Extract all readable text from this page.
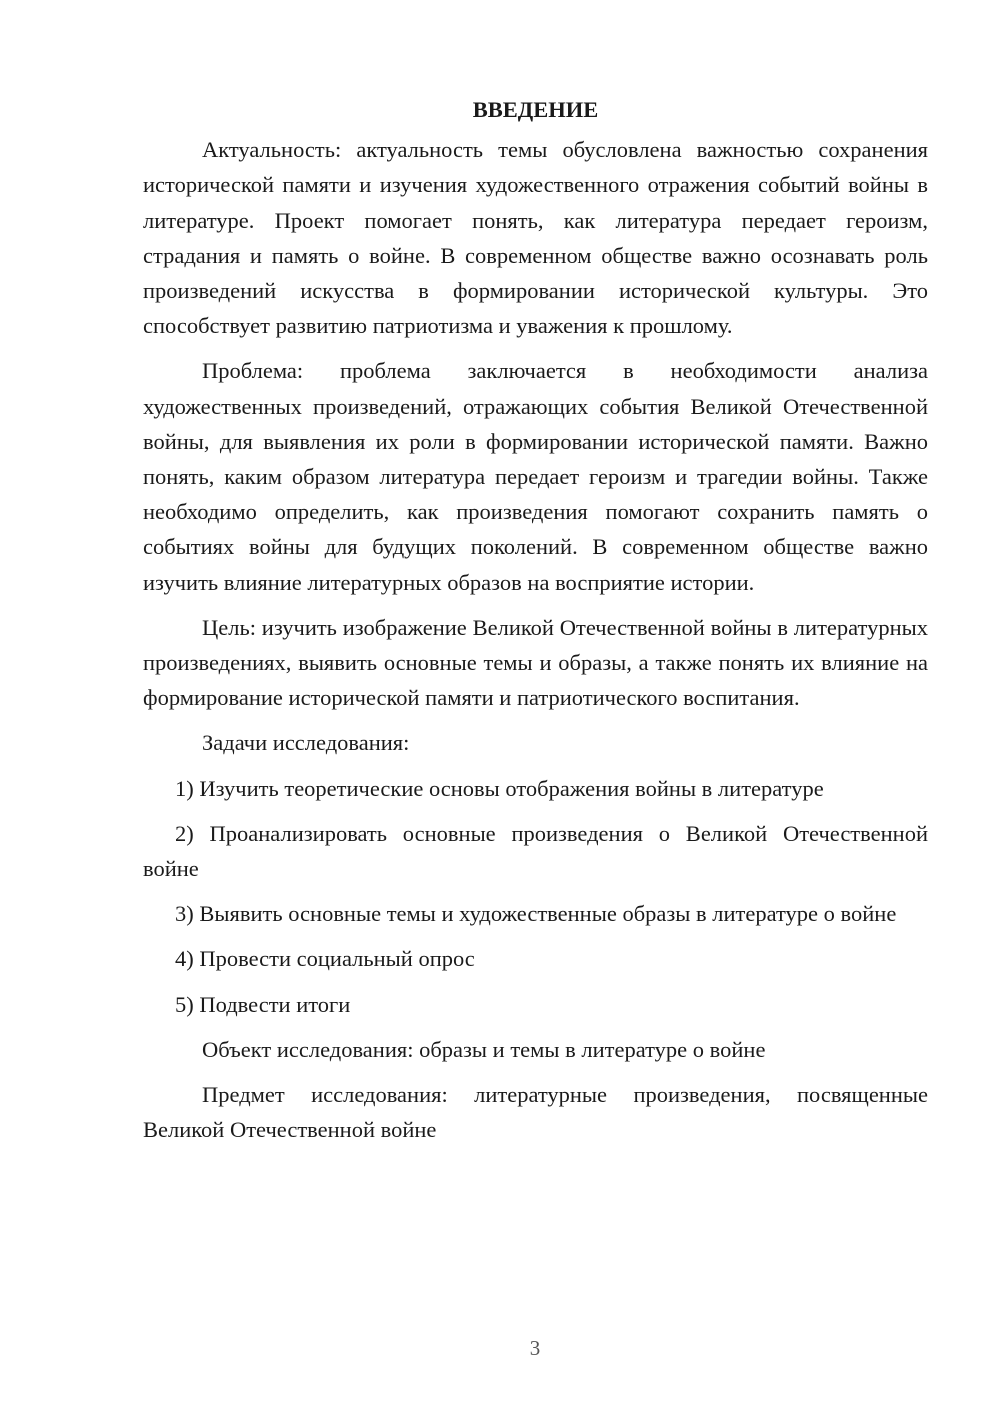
ВВЕДЕНИЕ

Актуальность: актуальность темы обусловлена важностью сохранения исторической памяти и изучения художественного отражения событий войны в литературе. Проект помогает понять, как литература передает героизм, страдания и память о войне. В современном обществе важно осознавать роль произведений искусства в формировании исторической культуры. Это способствует развитию патриотизма и уважения к прошлому.

Проблема: проблема заключается в необходимости анализа художественных произведений, отражающих события Великой Отечественной войны, для выявления их роли в формировании исторической памяти. Важно понять, каким образом литература передает героизм и трагедии войны. Также необходимо определить, как произведения помогают сохранить память о событиях войны для будущих поколений. В современном обществе важно изучить влияние литературных образов на восприятие истории.

Цель: изучить изображение Великой Отечественной войны в литературных произведениях, выявить основные темы и образы, а также понять их влияние на формирование исторической памяти и патриотического воспитания.

Задачи исследования:

1) Изучить теоретические основы отображения войны в литературе

2) Проанализировать основные произведения о Великой Отечественной войне

3) Выявить основные темы и художественные образы в литературе о войне

4) Провести социальный опрос

5) Подвести итоги

Объект исследования: образы и темы в литературе о войне

Предмет исследования: литературные произведения, посвященные Великой Отечественной войне

3
